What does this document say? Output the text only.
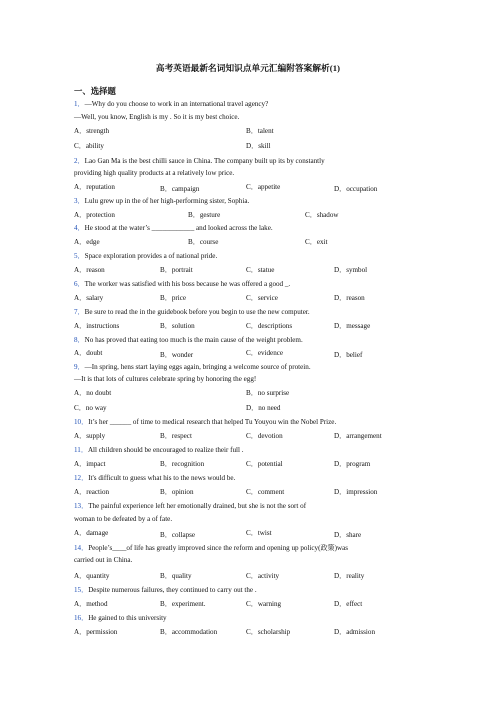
高考英语最新名词知识点单元汇编附答案解析(1)
一、选择题
1．—Why do you choose to work in an international travel agency?
—Well, you know, English is my . So it is my best choice.
A．strength	B．talent
C．ability	D．skill
2．Lao Gan Ma is the best chilli sauce in China. The company built up its by constantly
providing high quality products at a relatively low price.
A．reputation	B．campaign	C．appetite	D．occupation
3．Lulu grew up in the of her high-performing sister, Sophia.
A．protection	B．gesture	C．shadow
4．He stood at the water’s ____________ and looked across the lake.
A．edge	B．course	C．exit
5．Space exploration provides a of national pride.
A．reason	B．portrait	C．statue	D．symbol
6．The worker was satisfied with his boss because he was offered a good _.
A．salary	B．price	C．service	D．reason
7．Be sure to read the in the guidebook before you begin to use the new computer.
A．instructions	B．solution	C．descriptions	D．message
8．No has proved that eating too much is the main cause of the weight problem.
A．doubt	B．wonder	C．evidence	D．belief
9．—In spring, hens start laying eggs again, bringing a welcome source of protein.
—It is that lots of cultures celebrate spring by honoring the egg!
A．no doubt	B．no surprise
C．no way	D．no need
10．It’s her ______ of time to medical research that helped Tu Youyou win the Nobel Prize.
A．supply	B．respect	C．devotion	D．arrangement
11．All children should be encouraged to realize their full .
A．impact	B．recognition	C．potential	D．program
12．It's difficult to guess what his to the news would be.
A．reaction	B．opinion	C．comment	D．impression
13．The painful experience left her emotionally drained, but she is not the sort of
woman to be defeated by a of fate.
A．damage	B．collapse	C．twist	D．share
14．People’s____of life has greatly improved since the reform and opening up policy(政策)was
carried out in China.
A．quantity	B．quality	C．activity	D．reality
15．Despite numerous failures, they continued to carry out the .
A．method	B．experiment.	C．warning	D．effect
16．He gained to this university
A．permission	B．accommodation	C．scholarship	D．admission
